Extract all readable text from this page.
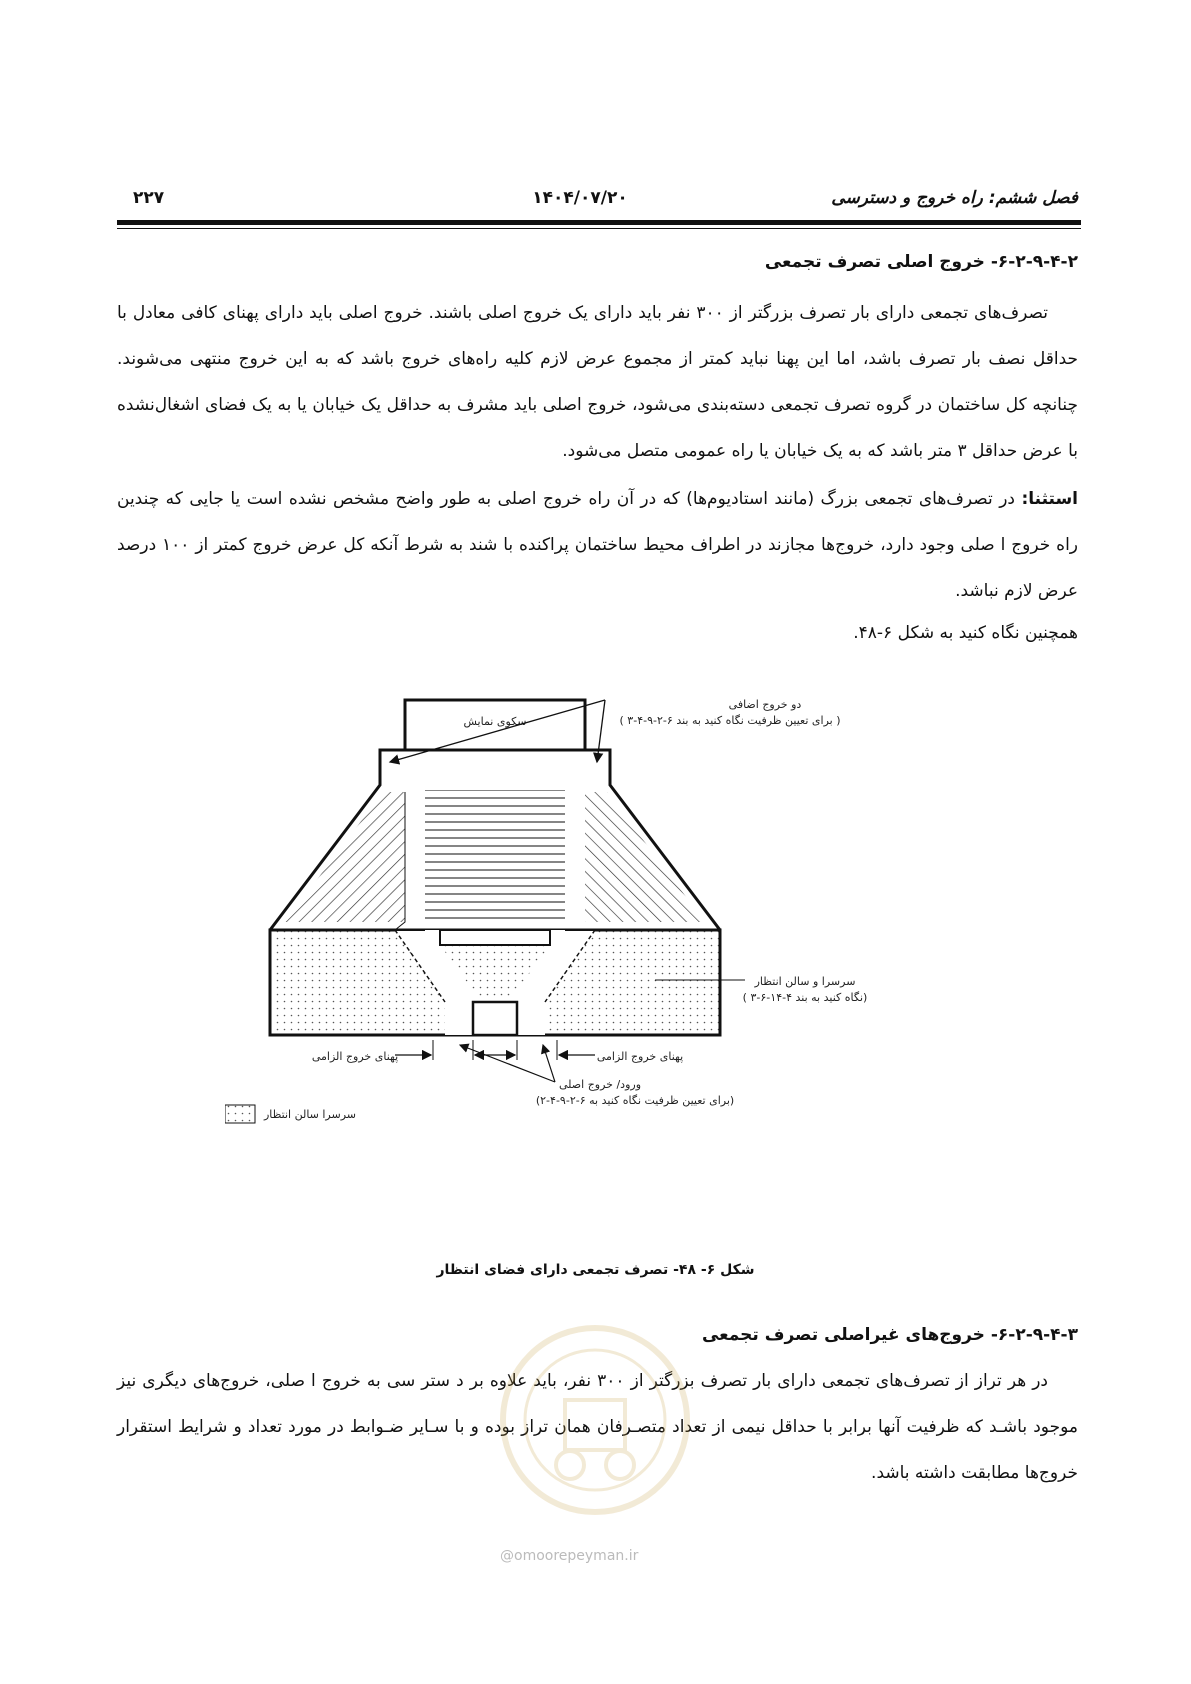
۲۲۷	۱۴۰۴/۰۷/۲۰	فصل ششم: راه خروج و دسترسی
۶-۲-۹-۴-۲- خروج اصلی تصرف تجمعی

تصرف‌های تجمعی دارای بار تصرف بزرگتر از ۳۰۰ نفر باید دارای یک خروج اصلی باشند. خروج اصلی باید دارای پهنای کافی معادل با حداقل نصف بار تصرف باشد، اما این پهنا نباید کمتر از مجموع عرض لازم کلیه راه‌های خروج باشد که به این خروج منتهی می‌شوند. چنانچه کل ساختمان در گروه تصرف تجمعی دسته‌بندی می‌شود، خروج اصلی باید مشرف به حداقل یک خیابان یا به یک فضای اشغال‌نشده با عرض حداقل ۳ متر باشد که به یک خیابان یا راه عمومی متصل می‌شود.

استثنا: در تصرف‌های تجمعی بزرگ (مانند استادیوم‌ها) که در آن راه خروج اصلی به طور واضح مشخص نشده است یا جایی که چندین راه خروج ا صلی وجود دارد، خروج‌ها مجازند در اطراف محیط ساختمان پراکنده با شند به شرط آنکه کل عرض خروج کمتر از ۱۰۰ درصد عرض لازم نباشد.

همچنین نگاه کنید به شکل ۶-۴۸.

سکوی نمایش
دو خروج اضافی
( برای تعیین ظرفیت نگاه کنید به بند ۶-۲-۹-۴-۳ )
سرسرا و سالن انتظار
( نگاه کنید به بند ۴-۱۴-۶-۳)
پهنای خروج الزامی	پهنای خروج الزامی
ورود/ خروج اصلی
(برای تعیین ظرفیت نگاه کنید به ۶-۲-۹-۴-۲)
سرسرا سالن انتظار
شکل ۶- ۴۸- تصرف تجمعی دارای فضای انتظار
۶-۲-۹-۴-۳- خروج‌های غیراصلی تصرف تجمعی

در هر تراز از تصرف‌های تجمعی دارای بار تصرف بزرگتر از ۳۰۰ نفر، باید علاوه بر د ستر سی به خروج ا صلی، خروج‌های دیگری نیز موجود باشـد که ظرفیت آنها برابر با حداقل نیمی از تعداد متصـرفان همان تراز بوده و با سـایر ضـوابط در مورد تعداد و شرایط استقرار خروج‌ها مطابقت داشته باشد.

@omoorepeyman.ir
